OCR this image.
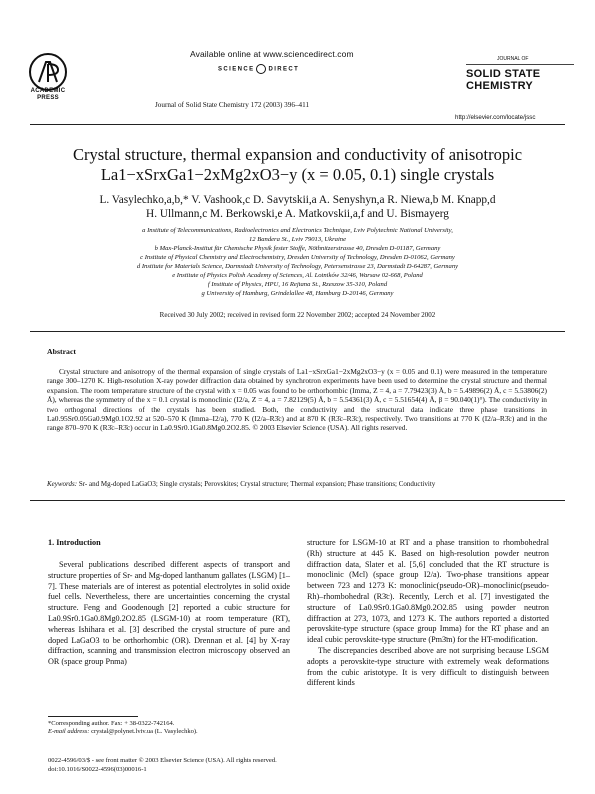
ACADEMIC
PRESS
Available online at www.sciencedirect.com
SCIENCE DIRECT
Journal of Solid State Chemistry 172 (2003) 396–411
JOURNAL OF
SOLID STATE
CHEMISTRY
http://elsevier.com/locate/jssc
Crystal structure, thermal expansion and conductivity of anisotropic
La1−xSrxGa1−2xMg2xO3−y (x = 0.05, 0.1) single crystals
L. Vasylechko,a,b,* V. Vashook,c D. Savytskii,a A. Senyshyn,a R. Niewa,b M. Knapp,d
H. Ullmann,c M. Berkowski,e A. Matkovskii,a,f and U. Bismayerg
a Institute of Telecommunications, Radioelectronics and Electronics Technique, Lviv Polytechnic National University,
12 Bandera St., Lviv 79013, Ukraine
b Max-Planck-Institut für Chemische Physik fester Stoffe, Nöthnitzerstrasse 40, Dresden D-01187, Germany
c Institute of Physical Chemistry and Electrochemistry, Dresden University of Technology, Dresden D-01062, Germany
d Institute for Materials Science, Darmstadt University of Technology, Petersenstrasse 23, Darmstadt D-64287, Germany
e Institute of Physics Polish Academy of Sciences, Al. Lotników 32/46, Warsaw 02-668, Poland
f Institute of Physics, HPU, 16 Rejtana St., Rzeszow 35-310, Poland
g University of Hamburg, Grindelallee 48, Hamburg D-20146, Germany
Received 30 July 2002; received in revised form 22 November 2002; accepted 24 November 2002
Abstract
Crystal structure and anisotropy of the thermal expansion of single crystals of La1−xSrxGa1−2xMg2xO3−y (x = 0.05 and 0.1) were measured in the temperature range 300–1270 K. High-resolution X-ray powder diffraction data obtained by synchrotron experiments have been used to determine the crystal structure and thermal expansion. The room temperature structure of the crystal with x = 0.05 was found to be orthorhombic (Imma, Z = 4, a = 7.79423(3) Å, b = 5.49896(2) Å, c = 5.53806(2) Å), whereas the symmetry of the x = 0.1 crystal is monoclinic (I2/a, Z = 4, a = 7.82129(5) Å, b = 5.54361(3) Å, c = 5.51654(4) Å, β = 90.040(1)°). The conductivity in two orthogonal directions of the crystals has been studied. Both, the conductivity and the structural data indicate three phase transitions in La0.95Sr0.05Ga0.9Mg0.1O2.92 at 520–570 K (Imma–I2/a), 770 K (I2/a–R3̄c) and at 870 K (R3̄c–R3̄c), respectively. Two transitions at 770 K (I2/a–R3̄c) and in the range 870–970 K (R3̄c–R3̄c) occur in La0.9Sr0.1Ga0.8Mg0.2O2.85. © 2003 Elsevier Science (USA). All rights reserved.
Keywords: Sr- and Mg-doped LaGaO3; Single crystals; Perovskites; Crystal structure; Thermal expansion; Phase transitions; Conductivity
1. Introduction

Several publications described different aspects of transport and structure properties of Sr- and Mg-doped lanthanum gallates (LSGM) [1–7]. These materials are of interest as potential electrolytes in solid oxide fuel cells. Nevertheless, there are uncertainties concerning the crystal structure. Feng and Goodenough [2] reported a cubic structure for La0.9Sr0.1Ga0.8Mg0.2O2.85 (LSGM-10) at room temperature (RT), whereas Ishihara et al. [3] described the crystal structure of pure and doped LaGaO3 to be orthorhombic (OR). Drennan et al. [4] by X-ray diffraction, scanning and transmission electron microscopy observed an OR (space group Pnma)

structure for LSGM-10 at RT and a phase transition to rhombohedral (Rh) structure at 445 K. Based on high-resolution powder neutron diffraction data, Slater et al. [5,6] concluded that the RT structure is monoclinic (Mcl) (space group I2/a). Two-phase transitions appear between 723 and 1273 K: monoclinic(pseudo-OR)–monoclinic(pseudo-Rh)–rhombohedral (R3̄c). Recently, Lerch et al. [7] investigated the structure of La0.9Sr0.1Ga0.8Mg0.2O2.85 using powder neutron diffraction at 273, 1073, and 1273 K. The authors reported a distorted perovskite-type structure (space group Imma) for the RT phase and an ideal cubic perovskite-type structure (Pm3̄m) for the HT-modification.

The discrepancies described above are not surprising because LSGM adopts a perovskite-type structure with extremely weak deformations from the cubic aristotype. It is very difficult to distinguish between different kinds

*Corresponding author. Fax: + 38-0322-742164.
E-mail address: crystal@polynet.lviv.ua (L. Vasylechko).
0022-4596/03/$ - see front matter © 2003 Elsevier Science (USA). All rights reserved.
doi:10.1016/S0022-4596(03)00016-1
